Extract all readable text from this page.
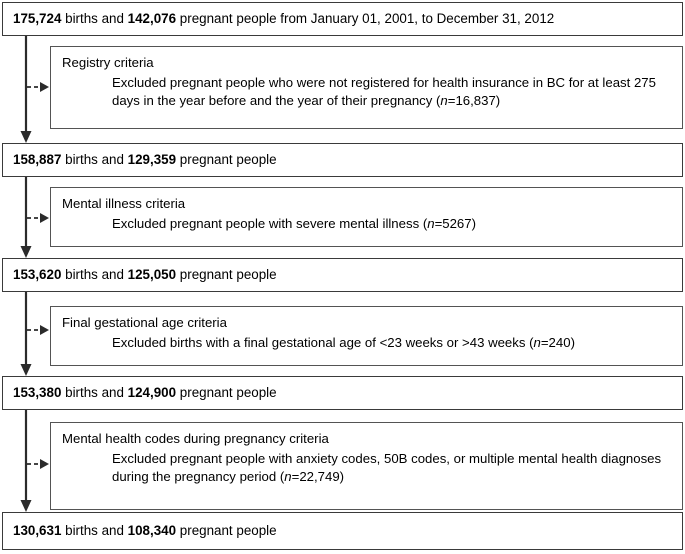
175,724 births and 142,076 pregnant people from January 01, 2001, to December 31, 2012
Registry criteria
Excluded pregnant people who were not registered for health insurance in BC for at least 275 days in the year before and the year of their pregnancy (n=16,837)
158,887 births and 129,359 pregnant people
Mental illness criteria
Excluded pregnant people with severe mental illness (n=5267)
153,620 births and 125,050 pregnant people
Final gestational age criteria
Excluded births with a final gestational age of <23 weeks or >43 weeks (n=240)
153,380 births and 124,900 pregnant people
Mental health codes during pregnancy criteria
Excluded pregnant people with anxiety codes, 50B codes, or multiple mental health diagnoses during the pregnancy period (n=22,749)
130,631 births and 108,340 pregnant people
